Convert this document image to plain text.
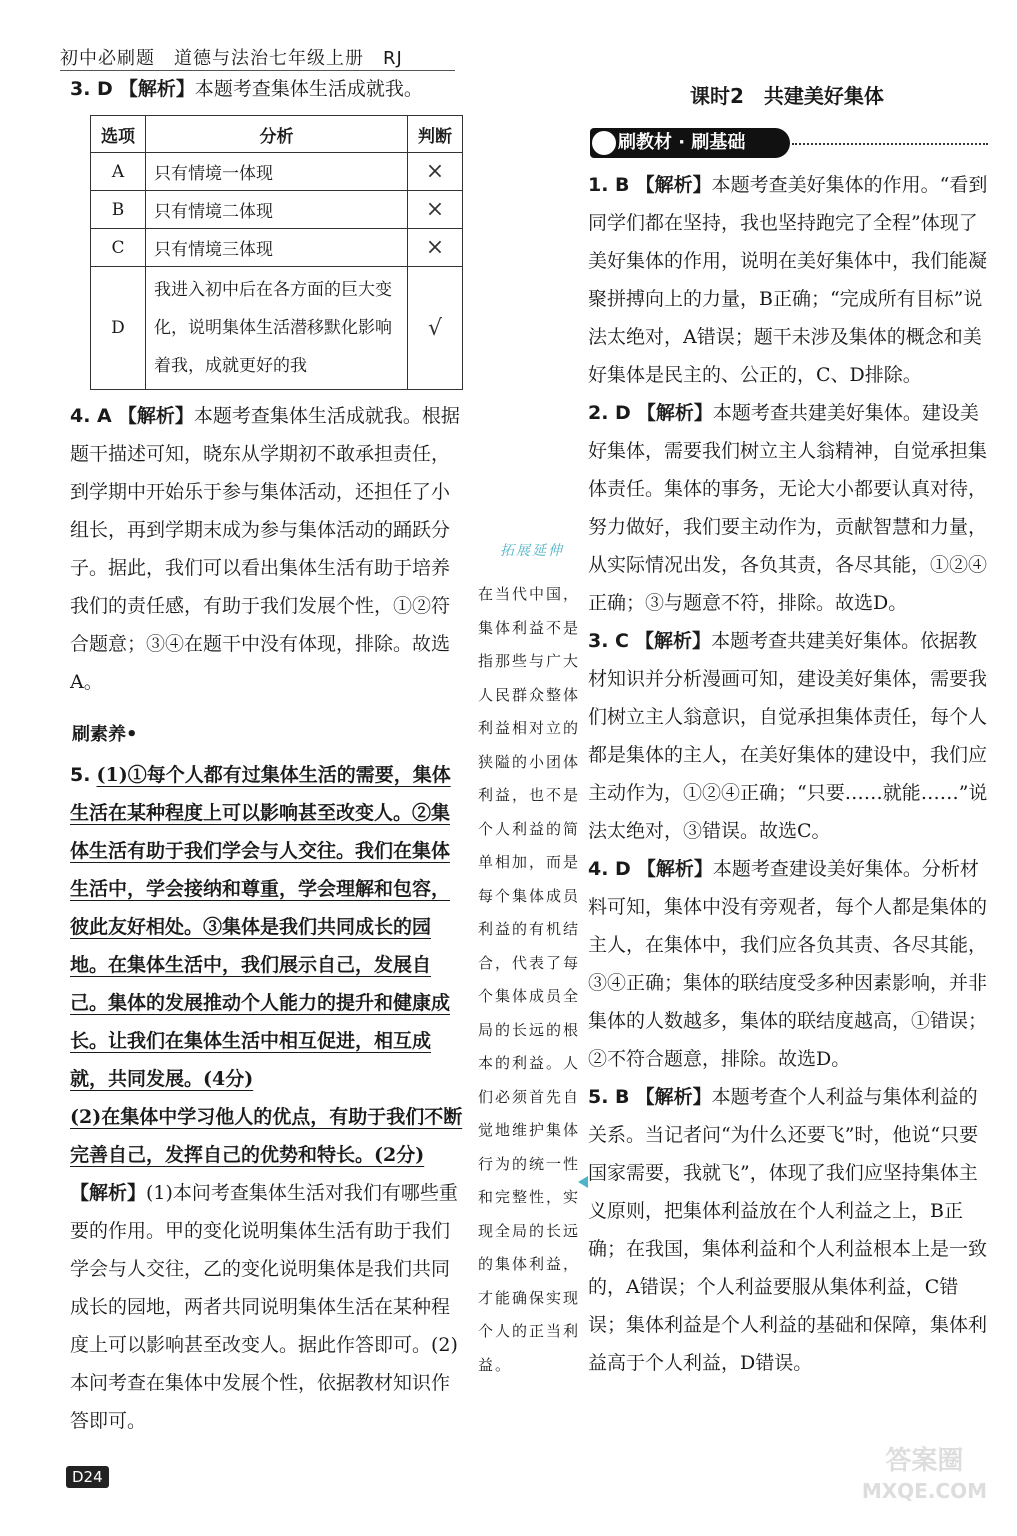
初中必刷题　道德与法治七年级上册　RJ
3. D 【解析】本题考查集体生活成就我。
选项	分析	判断
A	只有情境一体现	×
B	只有情境二体现	×
C	只有情境三体现	×
D	我进入初中后在各方面的巨大变化，说明集体生活潜移默化影响着我，成就更好的我	√
4. A 【解析】本题考查集体生活成就我。根据题干描述可知，晓东从学期初不敢承担责任，到学期中开始乐于参与集体活动，还担任了小组长，再到学期末成为参与集体活动的踊跃分子。据此，我们可以看出集体生活有助于培养我们的责任感，有助于我们发展个性，①②符合题意；③④在题干中没有体现，排除。故选A。
刷素养•
5. (1)①每个人都有过集体生活的需要，集体生活在某种程度上可以影响甚至改变人。②集体生活有助于我们学会与人交往。我们在集体生活中，学会接纳和尊重，学会理解和包容，彼此友好相处。③集体是我们共同成长的园地。在集体生活中，我们展示自己，发展自己。集体的发展推动个人能力的提升和健康成长。让我们在集体生活中相互促进，相互成就，共同发展。(4分)
(2)在集体中学习他人的优点，有助于我们不断完善自己，发挥自己的优势和特长。(2分)
【解析】(1)本问考查集体生活对我们有哪些重要的作用。甲的变化说明集体生活有助于我们学会与人交往，乙的变化说明集体是我们共同成长的园地，两者共同说明集体生活在某种程度上可以影响甚至改变人。据此作答即可。(2)本问考查在集体中发展个性，依据教材知识作答即可。
拓展延伸
在当代中国，集体利益不是指那些与广大人民群众整体利益相对立的狭隘的小团体利益，也不是个人利益的简单相加，而是每个集体成员利益的有机结合，代表了每个集体成员全局的长远的根本的利益。人们必须首先自觉地维护集体行为的统一性和完整性，实现全局的长远的集体利益，才能确保实现个人的正当利益。
课时2　共建美好集体
刷教材 · 刷基础
1. B 【解析】本题考查美好集体的作用。“看到同学们都在坚持，我也坚持跑完了全程”体现了美好集体的作用，说明在美好集体中，我们能凝聚拼搏向上的力量，B正确；“完成所有目标”说法太绝对，A错误；题干未涉及集体的概念和美好集体是民主的、公正的，C、D排除。
2. D 【解析】本题考查共建美好集体。建设美好集体，需要我们树立主人翁精神，自觉承担集体责任。集体的事务，无论大小都要认真对待，努力做好，我们要主动作为，贡献智慧和力量，从实际情况出发，各负其责，各尽其能，①②④正确；③与题意不符，排除。故选D。
3. C 【解析】本题考查共建美好集体。依据教材知识并分析漫画可知，建设美好集体，需要我们树立主人翁意识，自觉承担集体责任，每个人都是集体的主人，在美好集体的建设中，我们应主动作为，①②④正确；“只要……就能……”说法太绝对，③错误。故选C。
4. D 【解析】本题考查建设美好集体。分析材料可知，集体中没有旁观者，每个人都是集体的主人，在集体中，我们应各负其责、各尽其能，③④正确；集体的联结度受多种因素影响，并非集体的人数越多，集体的联结度越高，①错误；②不符合题意，排除。故选D。
5. B 【解析】本题考查个人利益与集体利益的关系。当记者问“为什么还要飞”时，他说“只要国家需要，我就飞”，体现了我们应坚持集体主义原则，把集体利益放在个人利益之上，B正确；在我国，集体利益和个人利益根本上是一致的，A错误；个人利益要服从集体利益，C错误；集体利益是个人利益的基础和保障，集体利益高于个人利益，D错误。
D24
答案圈
MXQE.COM
